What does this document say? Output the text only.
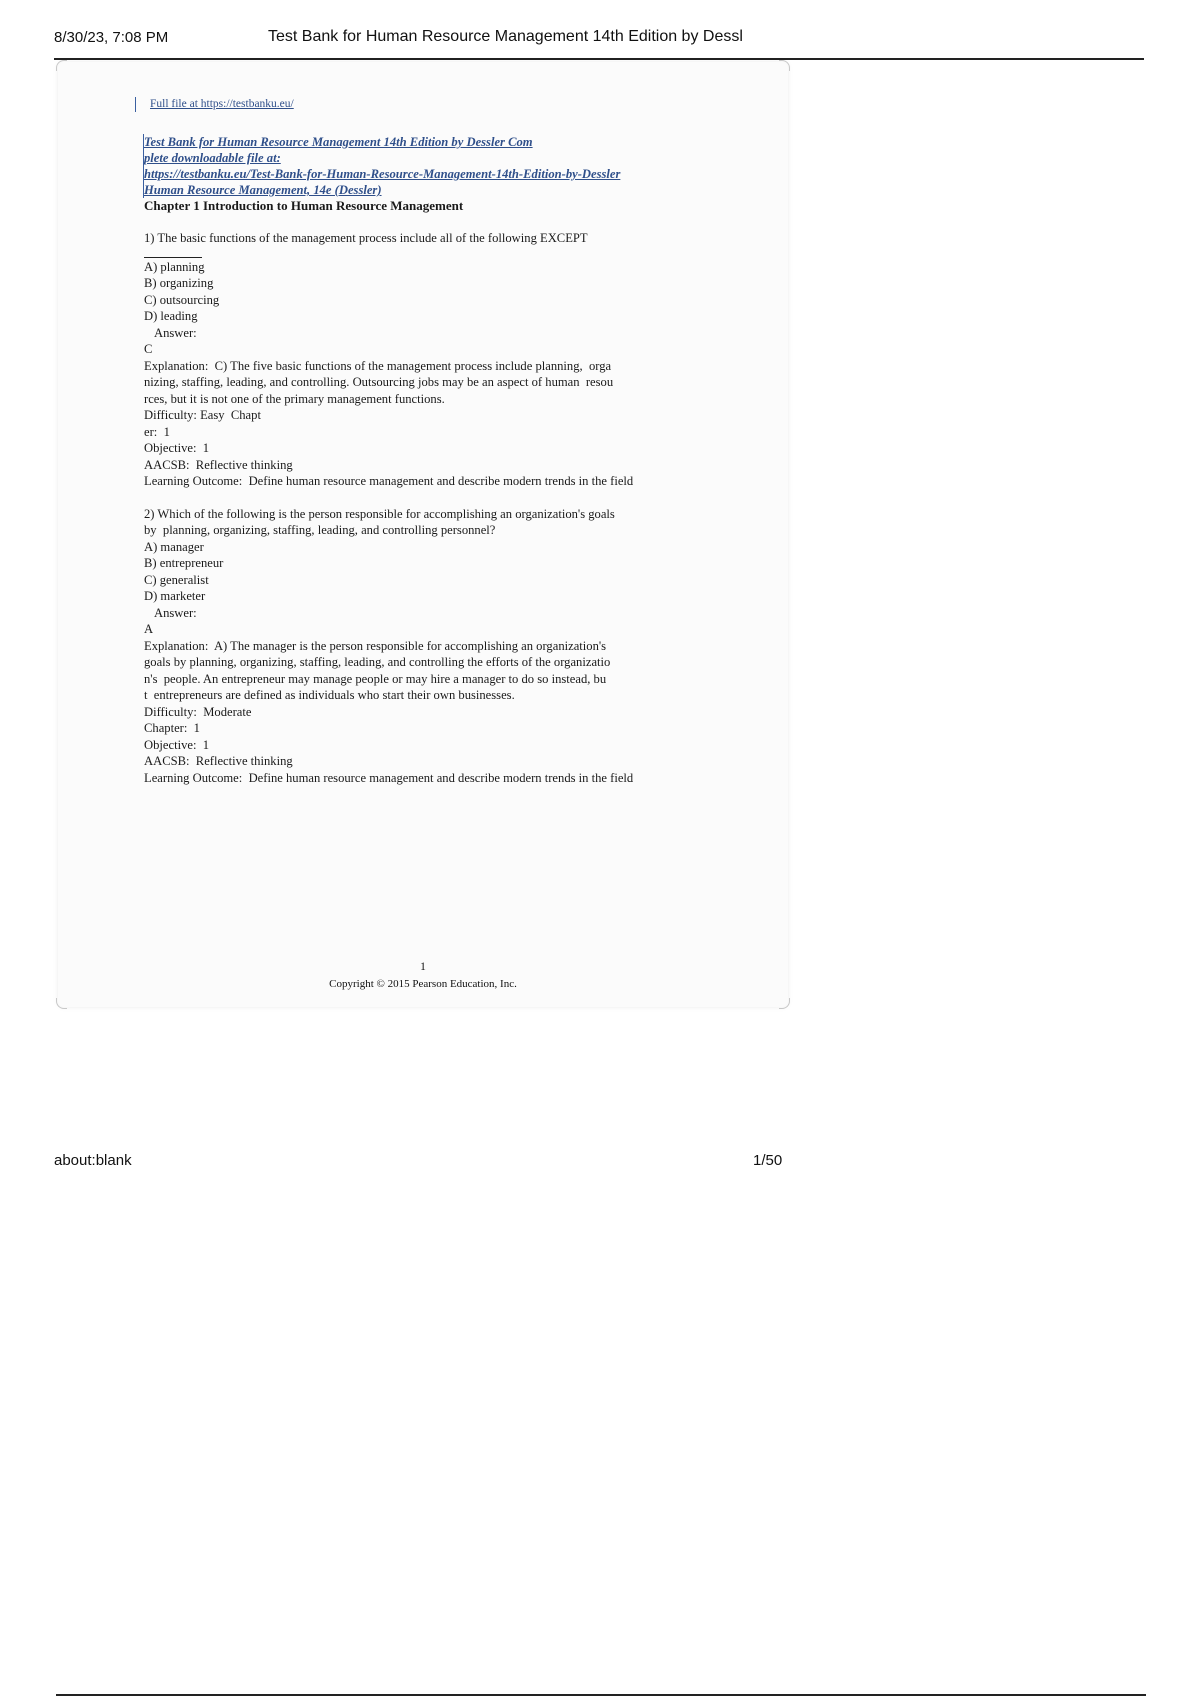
8/30/23, 7:08 PM	Test Bank for Human Resource Management 14th Edition by Dessl
Full file at https://testbanku.eu/
Test Bank for Human Resource Management 14th Edition by Dessler Com
plete downloadable file at:
https://testbanku.eu/Test-Bank-for-Human-Resource-Management-14th-Edition-by-Dessler
Human Resource Management, 14e (Dessler)
Chapter 1 Introduction to Human Resource Management
1) The basic functions of the management process include all of the following EXCEPT
A) planning
B) organizing
C) outsourcing
D) leading
Answer:
C
Explanation:  C) The five basic functions of the management process include planning,  orga
nizing, staffing, leading, and controlling. Outsourcing jobs may be an aspect of human  resou
rces, but it is not one of the primary management functions.
Difficulty: Easy  Chapt
er:  1
Objective:  1
AACSB:  Reflective thinking
Learning Outcome:  Define human resource management and describe modern trends in the field
2) Which of the following is the person responsible for accomplishing an organization's goals
by  planning, organizing, staffing, leading, and controlling personnel?
A) manager
B) entrepreneur
C) generalist
D) marketer
Answer:
A
Explanation:  A) The manager is the person responsible for accomplishing an organization's
goals by planning, organizing, staffing, leading, and controlling the efforts of the organizatio
n's  people. An entrepreneur may manage people or may hire a manager to do so instead, bu
t  entrepreneurs are defined as individuals who start their own businesses.
Difficulty:  Moderate
Chapter:  1
Objective:  1
AACSB:  Reflective thinking
Learning Outcome:  Define human resource management and describe modern trends in the field
1
Copyright © 2015 Pearson Education, Inc.
about:blank	1/50
